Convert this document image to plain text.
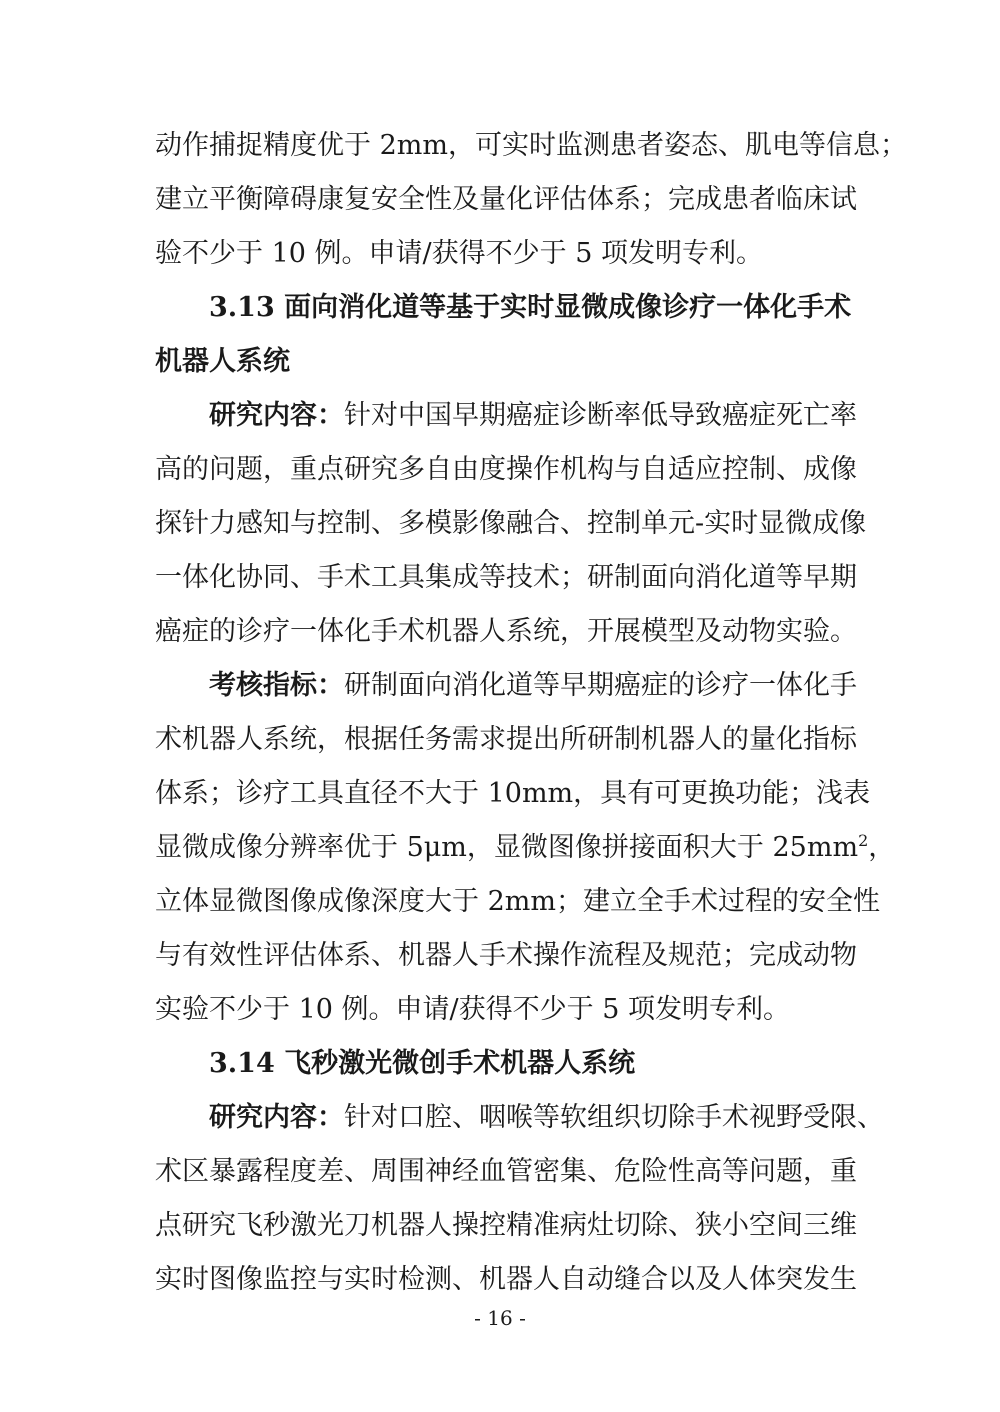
动作捕捉精度优于 2mm，可实时监测患者姿态、肌电等信息；
建立平衡障碍康复安全性及量化评估体系；完成患者临床试
验不少于 10 例。申请/获得不少于 5 项发明专利。
3.13 面向消化道等基于实时显微成像诊疗一体化手术
机器人系统
研究内容：针对中国早期癌症诊断率低导致癌症死亡率
高的问题，重点研究多自由度操作机构与自适应控制、成像
探针力感知与控制、多模影像融合、控制单元-实时显微成像
一体化协同、手术工具集成等技术；研制面向消化道等早期
癌症的诊疗一体化手术机器人系统，开展模型及动物实验。
考核指标：研制面向消化道等早期癌症的诊疗一体化手
术机器人系统，根据任务需求提出所研制机器人的量化指标
体系；诊疗工具直径不大于 10mm，具有可更换功能；浅表
显微成像分辨率优于 5μm，显微图像拼接面积大于 $25mm^2$，
立体显微图像成像深度大于 2mm；建立全手术过程的安全性
与有效性评估体系、机器人手术操作流程及规范；完成动物
实验不少于 10 例。申请/获得不少于 5 项发明专利。
3.14 飞秒激光微创手术机器人系统
研究内容：针对口腔、咽喉等软组织切除手术视野受限、
术区暴露程度差、周围神经血管密集、危险性高等问题，重
点研究飞秒激光刀机器人操控精准病灶切除、狭小空间三维
实时图像监控与实时检测、机器人自动缝合以及人体突发生
- 16 -
